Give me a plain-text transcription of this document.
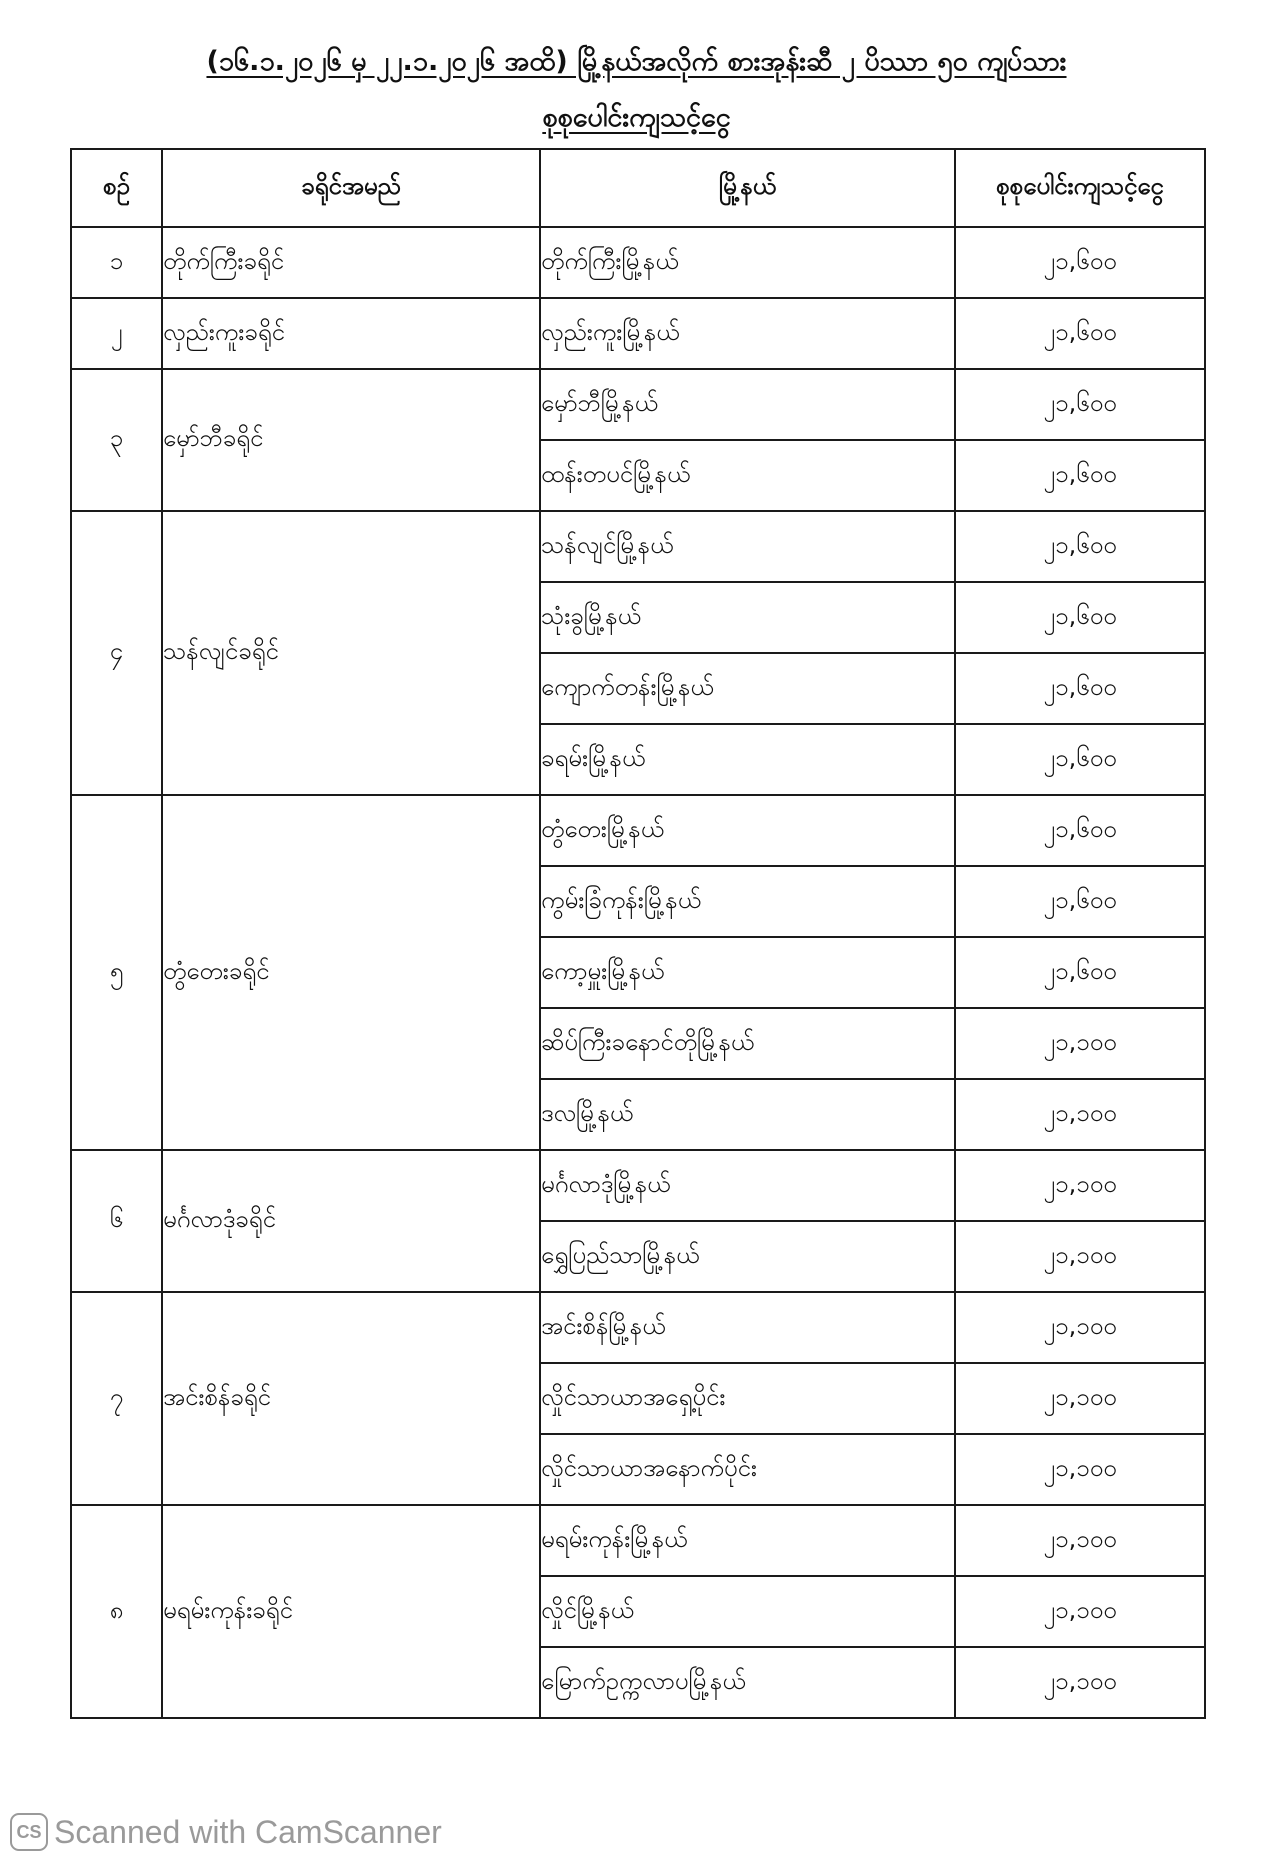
(၁၆.၁.၂၀၂၆ မှ ၂၂.၁.၂၀၂၆ အထိ) မြို့နယ်အလိုက် စားအုန်းဆီ ၂ ပိဿာ ၅၀ ကျပ်သား
စုစုပေါင်းကျသင့်ငွေ
စဉ်	ခရိုင်အမည်	မြို့နယ်	စုစုပေါင်းကျသင့်ငွေ
၁	တိုက်ကြီးခရိုင်	တိုက်ကြီးမြို့နယ်	၂၁,၆၀၀
၂	လှည်းကူးခရိုင်	လှည်းကူးမြို့နယ်	၂၁,၆၀၀
၃	မှော်ဘီခရိုင်	မှော်ဘီမြို့နယ်	၂၁,၆၀၀
		ထန်းတပင်မြို့နယ်	၂၁,၆၀၀
၄	သန်လျင်ခရိုင်	သန်လျင်မြို့နယ်	၂၁,၆၀၀
		သုံးခွမြို့နယ်	၂၁,၆၀၀
		ကျောက်တန်းမြို့နယ်	၂၁,၆၀၀
		ခရမ်းမြို့နယ်	၂၁,၆၀၀
၅	တွံတေးခရိုင်	တွံတေးမြို့နယ်	၂၁,၆၀၀
		ကွမ်းခြံကုန်းမြို့နယ်	၂၁,၆၀၀
		ကော့မှူးမြို့နယ်	၂၁,၆၀၀
		ဆိပ်ကြီးခနောင်တိုမြို့နယ်	၂၁,၁၀၀
		ဒလမြို့နယ်	၂၁,၁၀၀
၆	မင်္ဂလာဒုံခရိုင်	မင်္ဂလာဒုံမြို့နယ်	၂၁,၁၀၀
		ရွှေပြည်သာမြို့နယ်	၂၁,၁၀၀
၇	အင်းစိန်ခရိုင်	အင်းစိန်မြို့နယ်	၂၁,၁၀၀
		လှိုင်သာယာအရှေ့ပိုင်း	၂၁,၁၀၀
		လှိုင်သာယာအနောက်ပိုင်း	၂၁,၁၀၀
၈	မရမ်းကုန်းခရိုင်	မရမ်းကုန်းမြို့နယ်	၂၁,၁၀၀
		လှိုင်မြို့နယ်	၂၁,၁၀၀
		မြောက်ဥက္ကလာပမြို့နယ်	၂၁,၁၀၀
CS Scanned with CamScanner
